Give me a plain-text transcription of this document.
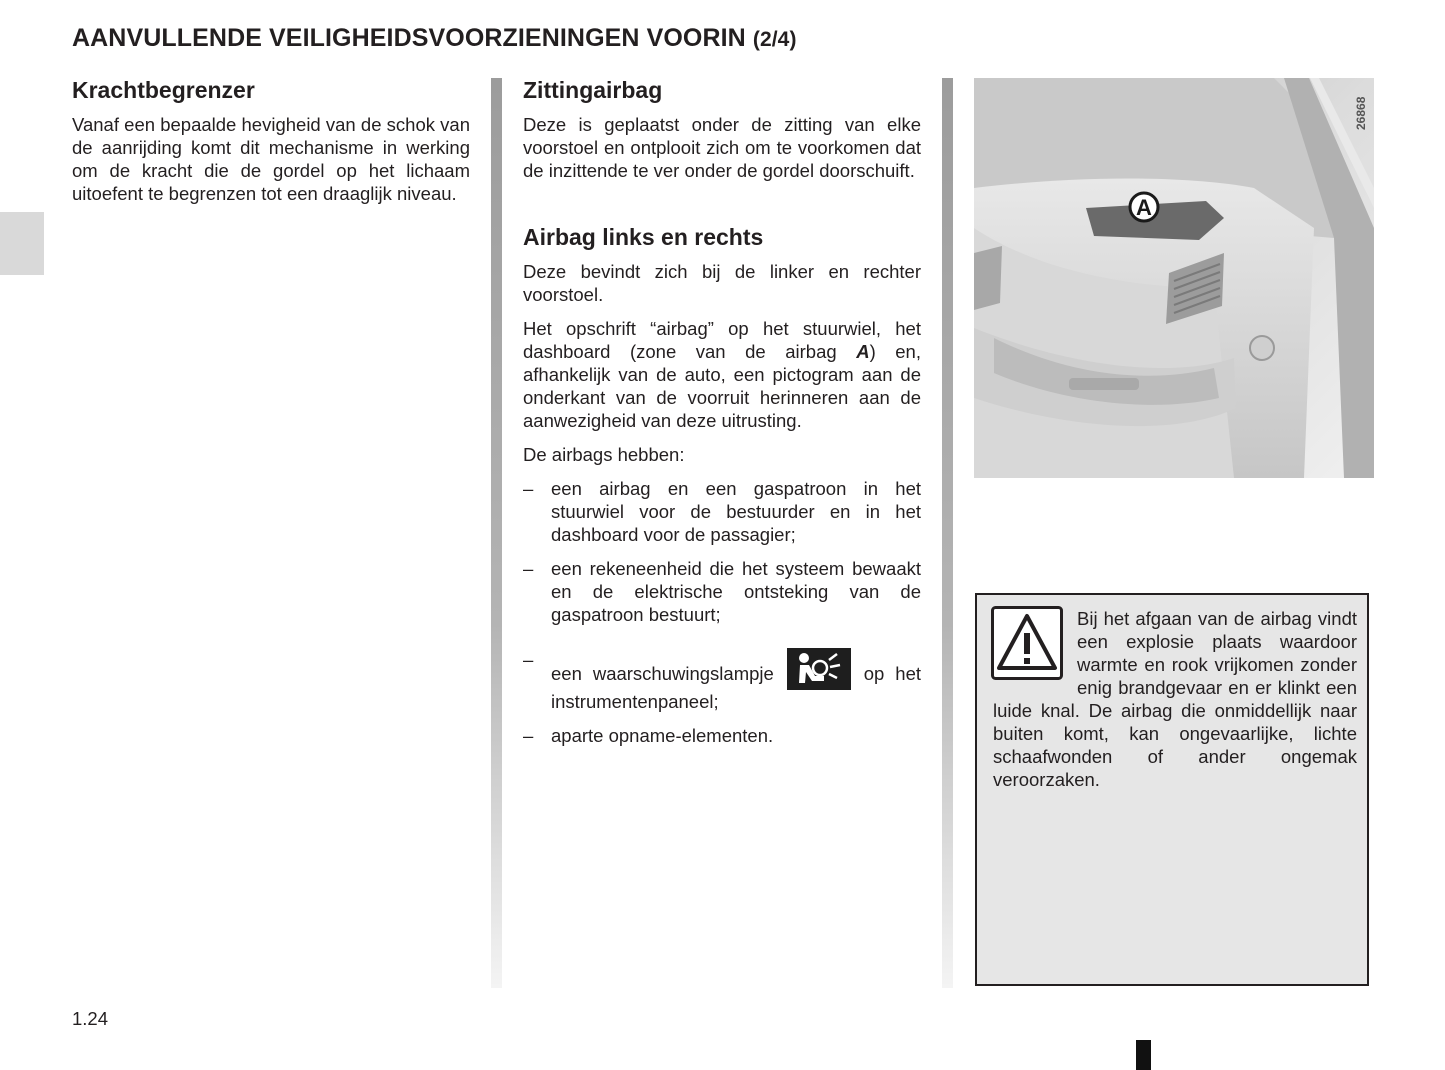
AANVULLENDE VEILIGHEIDSVOORZIENINGEN VOORIN (2/4)
Krachtbegrenzer

Vanaf een bepaalde hevigheid van de schok van de aanrijding komt dit mechanisme in werking om de kracht die de gordel op het lichaam uitoefent te begrenzen tot een draaglijk niveau.

Zittingairbag

Deze is geplaatst onder de zitting van elke voorstoel en ontplooit zich om te voorkomen dat de inzittende te ver onder de gordel doorschuift.

Airbag links en rechts

Deze bevindt zich bij de linker en rechter voorstoel.

Het opschrift “airbag” op het stuurwiel, het dashboard (zone van de airbag A) en, afhankelijk van de auto, een pictogram aan de onderkant van de voorruit herinneren aan de aanwezigheid van deze uitrusting.

De airbags hebben:

– een airbag en een gaspatroon in het stuurwiel voor de bestuurder en in het dashboard voor de passagier;
– een rekeneenheid die het systeem bewaakt en de elektrische ontsteking van de gaspatroon bestuurt;
–
een waarschuwingslampje	op het instrumentenpaneel;
– aparte opname-elementen.
A
26868

Bij het afgaan van de airbag vindt een explosie plaats waardoor warmte en rook vrijkomen zonder enig brandgevaar en er klinkt een luide knal. De airbag die onmiddellijk naar buiten komt, kan ongevaarlijke, lichte schaafwonden of ander ongemak veroorzaken.

1.24
